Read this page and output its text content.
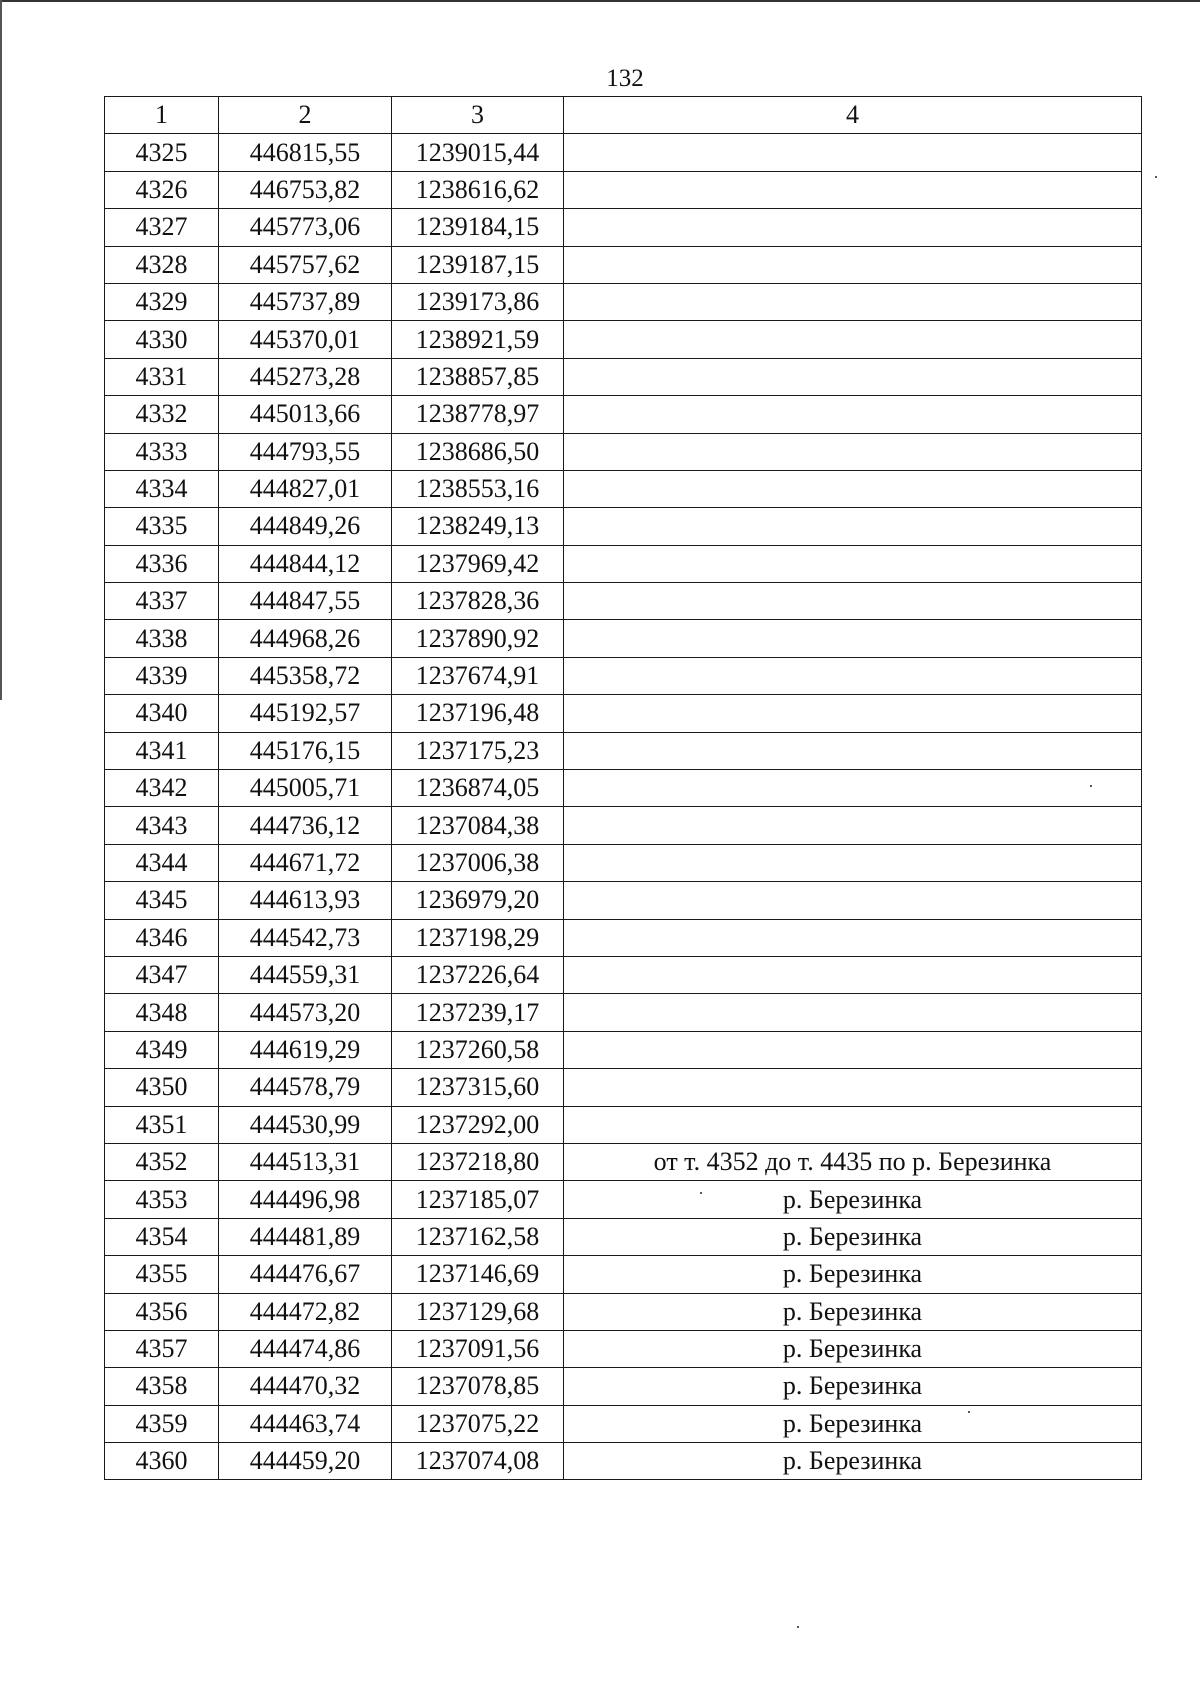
132
1	2	3	4
4325	446815,55	1239015,44	
4326	446753,82	1238616,62	
4327	445773,06	1239184,15	
4328	445757,62	1239187,15	
4329	445737,89	1239173,86	
4330	445370,01	1238921,59	
4331	445273,28	1238857,85	
4332	445013,66	1238778,97	
4333	444793,55	1238686,50	
4334	444827,01	1238553,16	
4335	444849,26	1238249,13	
4336	444844,12	1237969,42	
4337	444847,55	1237828,36	
4338	444968,26	1237890,92	
4339	445358,72	1237674,91	
4340	445192,57	1237196,48	
4341	445176,15	1237175,23	
4342	445005,71	1236874,05	
4343	444736,12	1237084,38	
4344	444671,72	1237006,38	
4345	444613,93	1236979,20	
4346	444542,73	1237198,29	
4347	444559,31	1237226,64	
4348	444573,20	1237239,17	
4349	444619,29	1237260,58	
4350	444578,79	1237315,60	
4351	444530,99	1237292,00	
4352	444513,31	1237218,80	от т. 4352 до т. 4435 по р. Березинка
4353	444496,98	1237185,07	р. Березинка
4354	444481,89	1237162,58	р. Березинка
4355	444476,67	1237146,69	р. Березинка
4356	444472,82	1237129,68	р. Березинка
4357	444474,86	1237091,56	р. Березинка
4358	444470,32	1237078,85	р. Березинка
4359	444463,74	1237075,22	р. Березинка
4360	444459,20	1237074,08	р. Березинка
